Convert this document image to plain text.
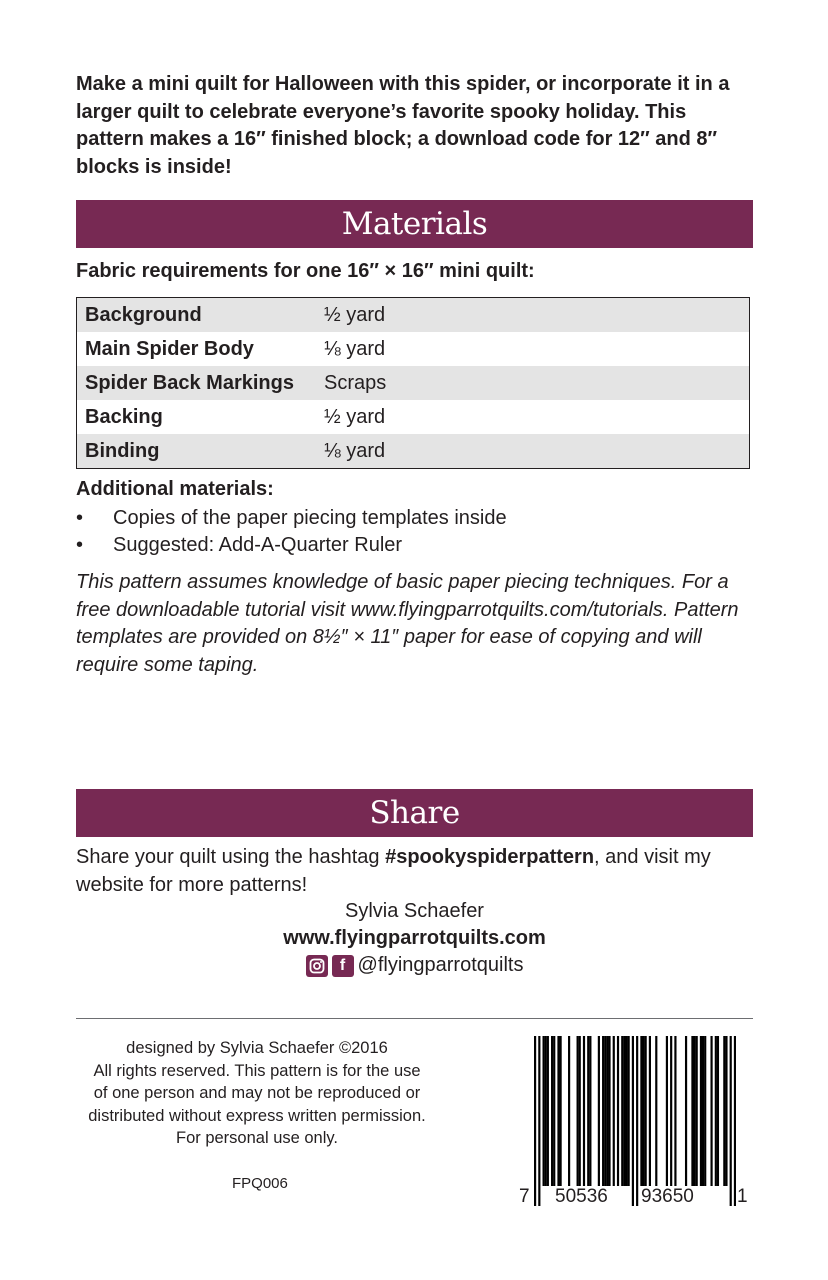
Make a mini quilt for Halloween with this spider, or incorporate it in a larger quilt to celebrate everyone’s favorite spooky holiday. This pattern makes a 16″ finished block; a download code for 12″ and 8″ blocks is inside!

Materials

Fabric requirements for one 16″ × 16″ mini quilt:

Background	½ yard
Main Spider Body	⅛ yard
Spider Back Markings	Scraps
Backing	½ yard
Binding	⅛ yard

Additional materials:

•	Copies of the paper piecing templates inside
•	Suggested: Add-A-Quarter Ruler

This pattern assumes knowledge of basic paper piecing techniques. For a free downloadable tutorial visit www.flyingparrotquilts.com/tutorials. Pattern templates are provided on 8½″ × 11″ paper for ease of copying and will require some taping.

Share

Share your quilt using the hashtag #spookyspiderpattern, and visit my website for more patterns!

Sylvia Schaefer
www.flyingparrotquilts.com
f @flyingparrotquilts
designed by Sylvia Schaefer ©2016
All rights reserved. This pattern is for the use
of one person and may not be reproduced or
distributed without express written permission.
For personal use only.
FPQ006
7 50536 93650 1
